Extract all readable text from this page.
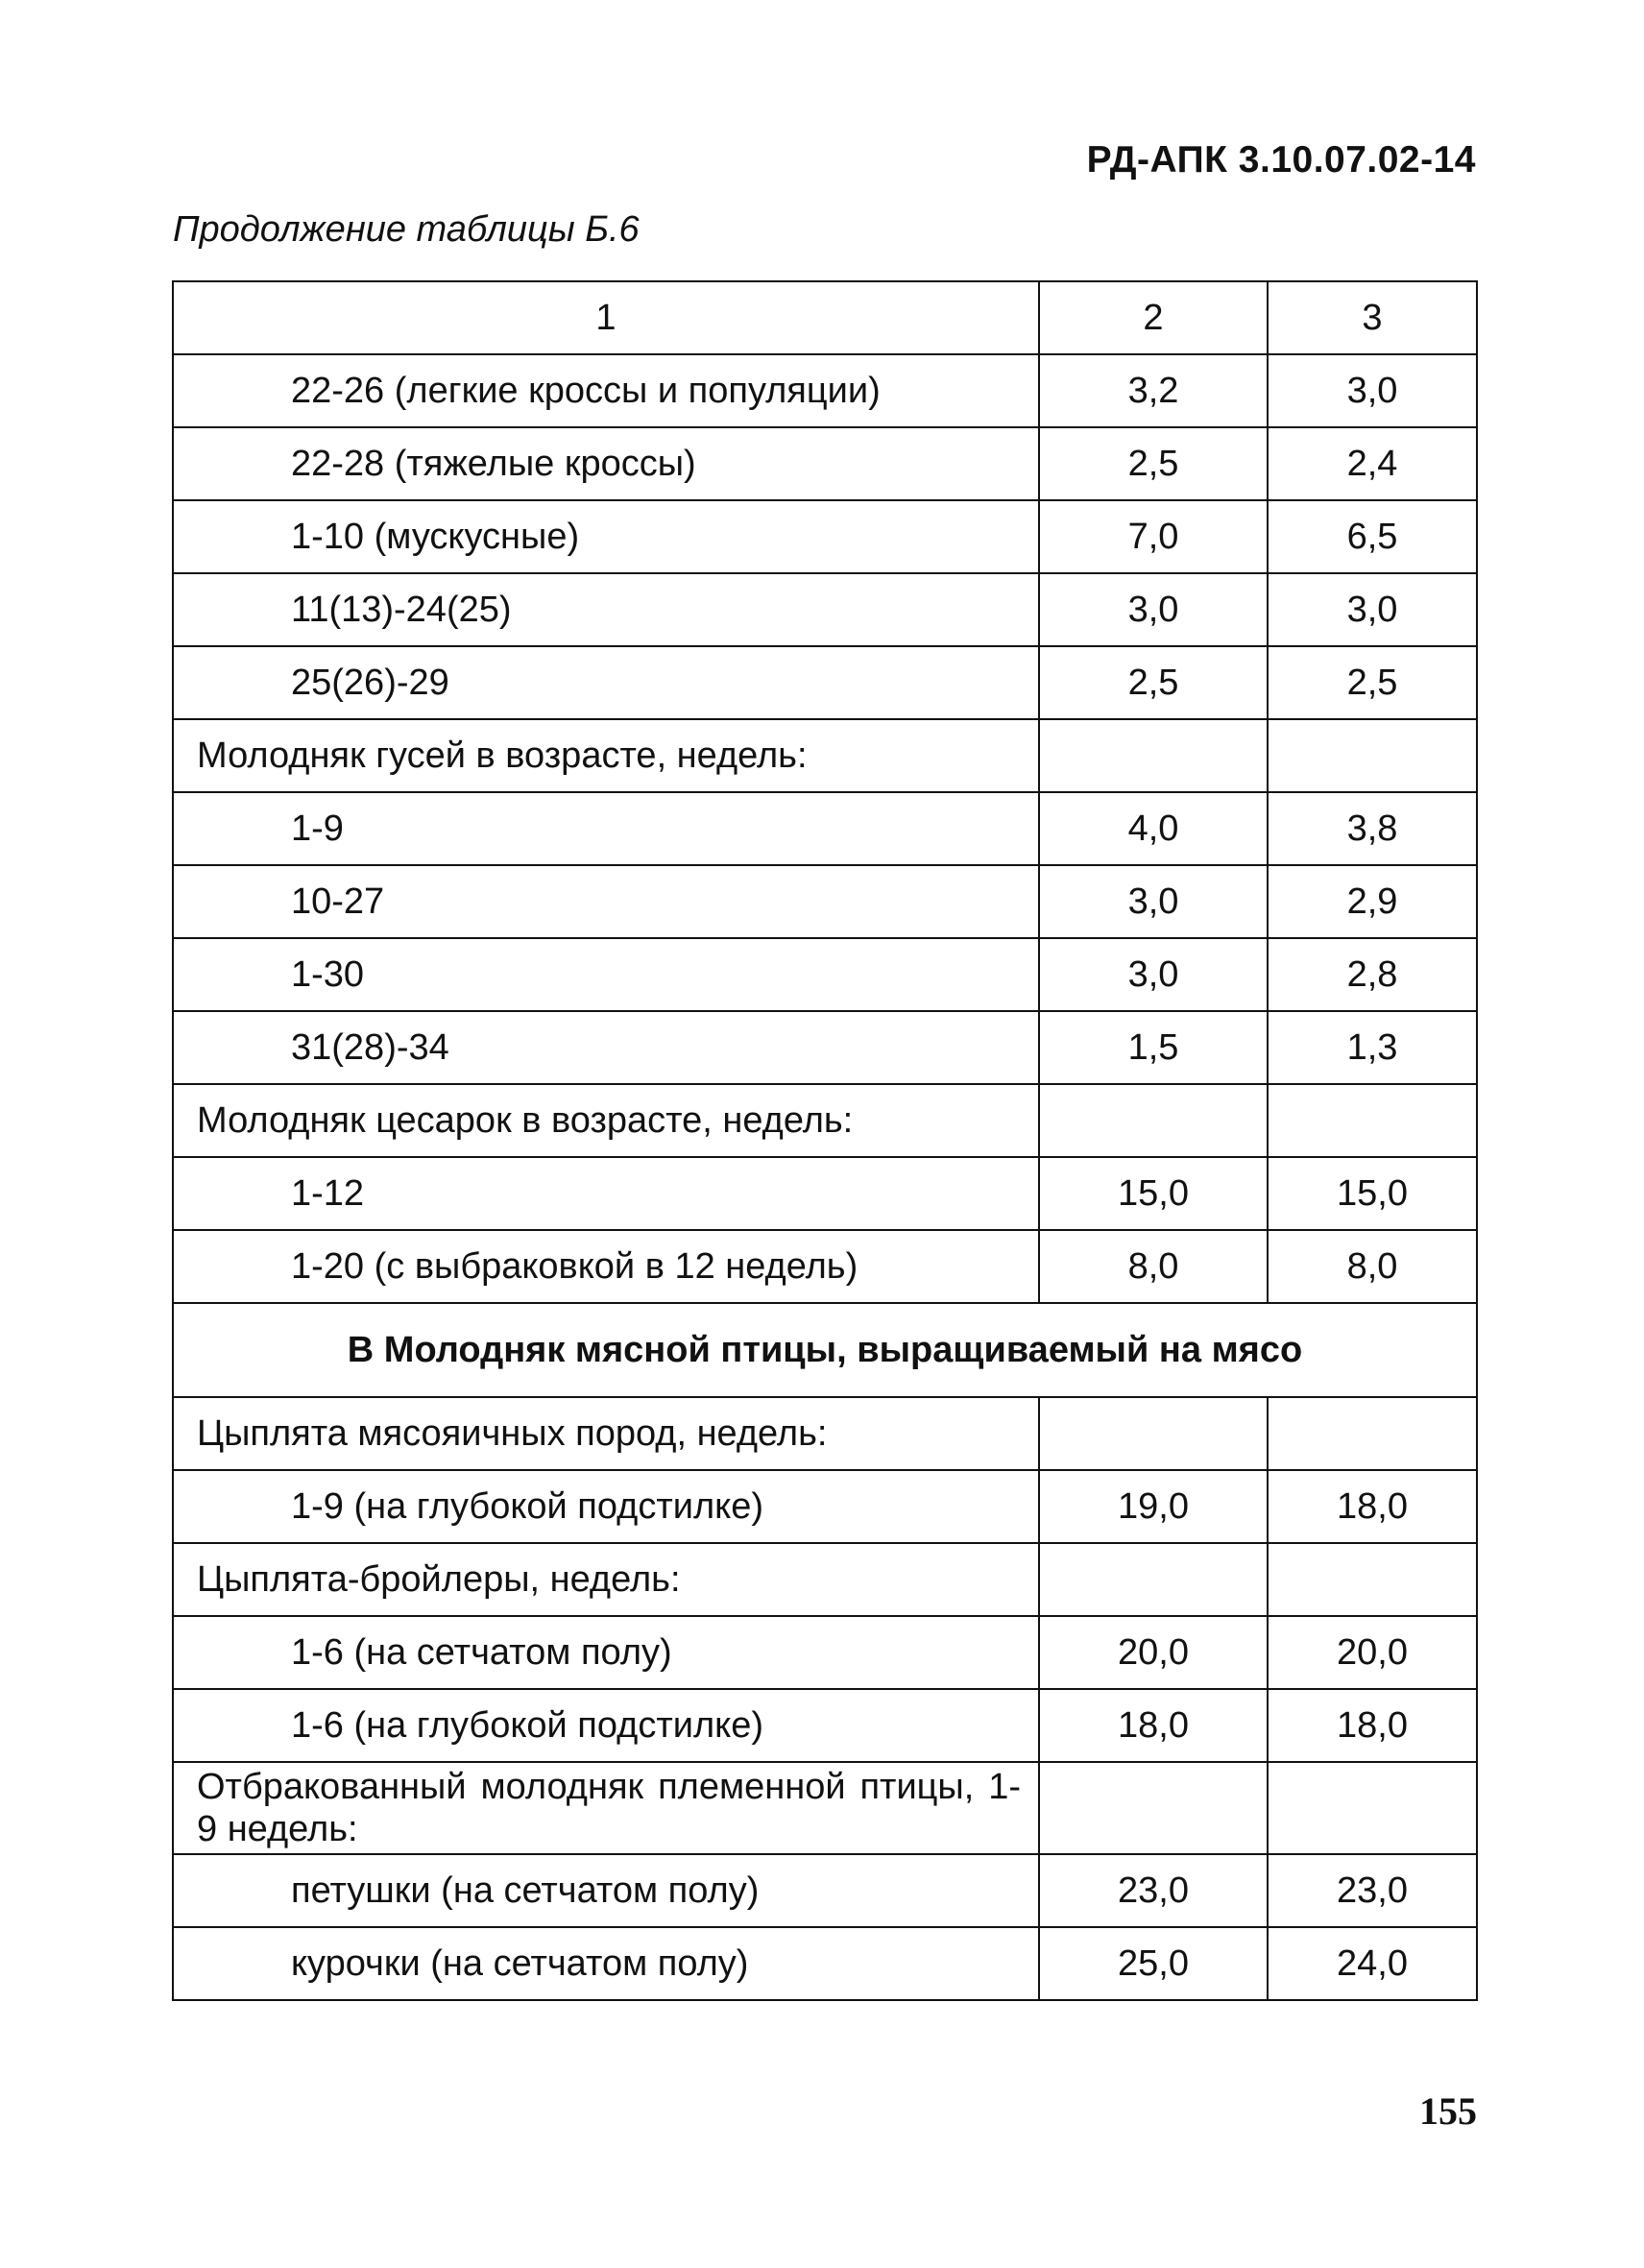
РД-АПК 3.10.07.02-14
Продолжение таблицы Б.6
1	2	3
22-26 (легкие кроссы и популяции)	3,2	3,0
22-28 (тяжелые кроссы)	2,5	2,4
1-10 (мускусные)	7,0	6,5
11(13)-24(25)	3,0	3,0
25(26)-29	2,5	2,5
Молодняк гусей в возрасте, недель:		
1-9	4,0	3,8
10-27	3,0	2,9
1-30	3,0	2,8
31(28)-34	1,5	1,3
Молодняк цесарок в возрасте, недель:		
1-12	15,0	15,0
1-20 (с выбраковкой в 12 недель)	8,0	8,0
В Молодняк мясной птицы, выращиваемый на мясо		
Цыплята мясояичных пород, недель:		
1-9 (на глубокой подстилке)	19,0	18,0
Цыплята-бройлеры, недель:		
1-6 (на сетчатом полу)	20,0	20,0
1-6 (на глубокой подстилке)	18,0	18,0
Отбракованный молодняк племенной птицы, 1-9 недель:		
петушки (на сетчатом полу)	23,0	23,0
курочки (на сетчатом полу)	25,0	24,0
155
